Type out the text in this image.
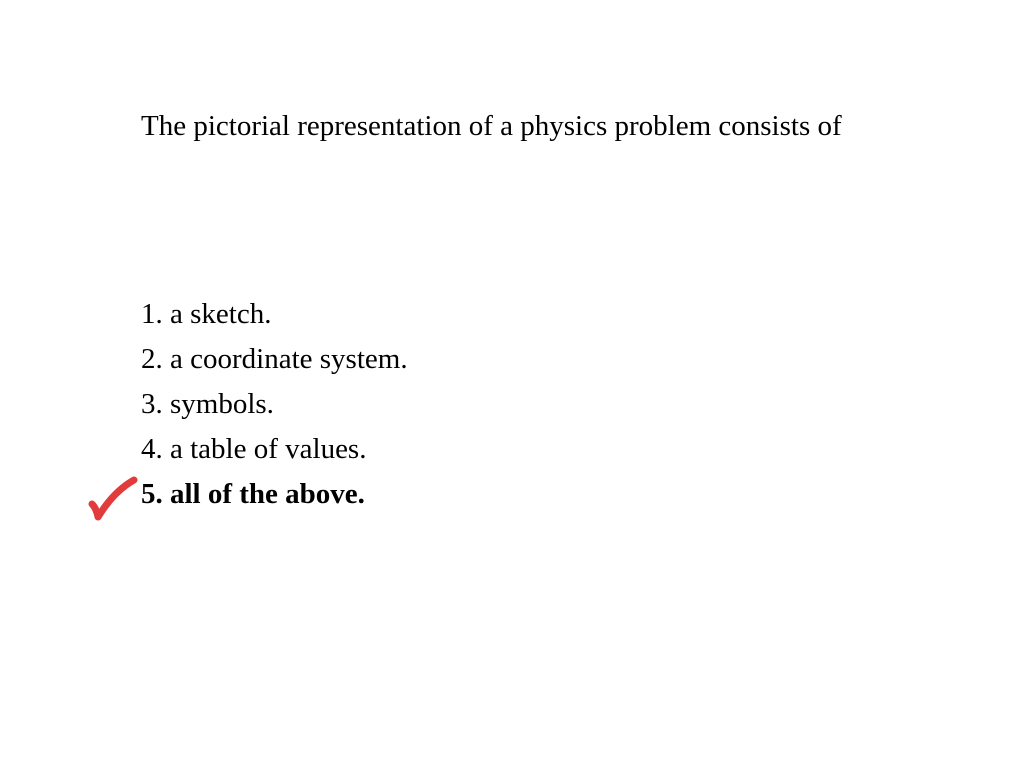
The pictorial representation of a physics problem consists of

1. a sketch.
2. a coordinate system.
3. symbols.
4. a table of values.
5. all of the above.
